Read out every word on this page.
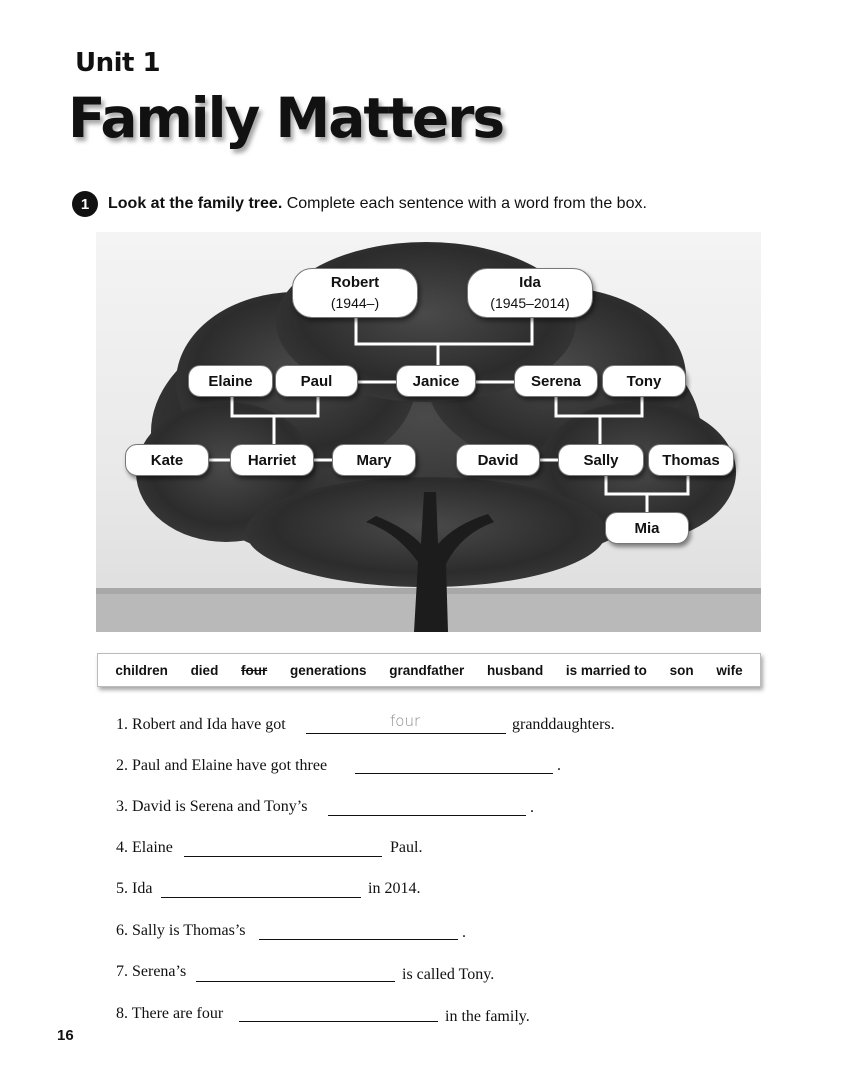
Unit 1
Family Matters
1	Look at the family tree. Complete each sentence with a word from the box.
Robert
(1944–)
Ida
(1945–2014)
Elaine	Paul	Janice	Serena	Tony
Kate	Harriet	Mary	David	Sally	Thomas
Mia
children died four generations grandfather husband is married to son wife
1. Robert and Ida have got	four	granddaughters.
2. Paul and Elaine have got three	.
3. David is Serena and Tony’s	.
4. Elaine	Paul.
5. Ida	in 2014.
6. Sally is Thomas’s	.
7. Serena’s	is called Tony.
8. There are four	in the family.
16
